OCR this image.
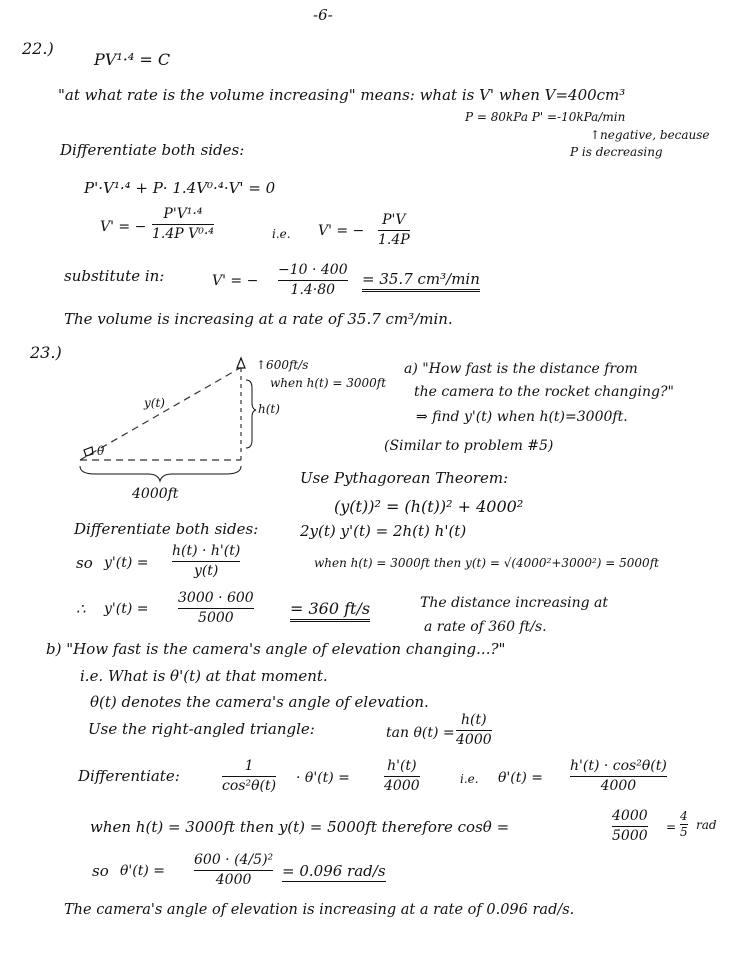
-6-
22.)
PV¹·⁴ = C
"at what rate is the volume increasing" means: what is V' when V=400cm³
P = 80kPa P' =-10kPa/min
↑negative, because
P is decreasing
Differentiate both sides:
P'·V¹·⁴ + P· 1.4V⁰·⁴·V' = 0
V' = −
P'V¹·⁴
1.4P V⁰·⁴	i.e. V' = −
P'V
1.4P
substitute in:	V' = −
−10 · 400
1.4·80
= 35.7 cm³/min
The volume is increasing at a rate of 35.7 cm³/min.
23.)
↑600ft/s
when h(t) = 3000ft
y(t)	h(t)
θ
4000ft
a) "How fast is the distance from
the camera to the rocket changing?"
⇒ find y'(t) when h(t)=3000ft.
(Similar to problem #5)
Use Pythagorean Theorem:
(y(t))² = (h(t))² + 4000²
Differentiate both sides:	2y(t) y'(t) = 2h(t) h'(t)
so y'(t) =
h(t) · h'(t)
y(t)	when h(t) = 3000ft then y(t) = √(4000²+3000²) = 5000ft
∴ y'(t) =
3000 · 600
5000	= 360 ft/s	The distance increasing at
a rate of 360 ft/s.
b) "How fast is the camera's angle of elevation changing...?"
i.e. What is θ'(t) at that moment.
θ(t) denotes the camera's angle of elevation.
Use the right-angled triangle:	tan θ(t) =
h(t)
4000
Differentiate:
1
cos²θ(t) · θ'(t) =
h'(t)
4000	i.e. θ'(t) =
h'(t) · cos²θ(t)
4000
when h(t) = 3000ft then y(t) = 5000ft therefore cosθ =
4000
5000
=
4
5 rad
so θ'(t) =
600 · (4/5)²
4000 = 0.096 rad/s
The camera's angle of elevation is increasing at a rate of 0.096 rad/s.
